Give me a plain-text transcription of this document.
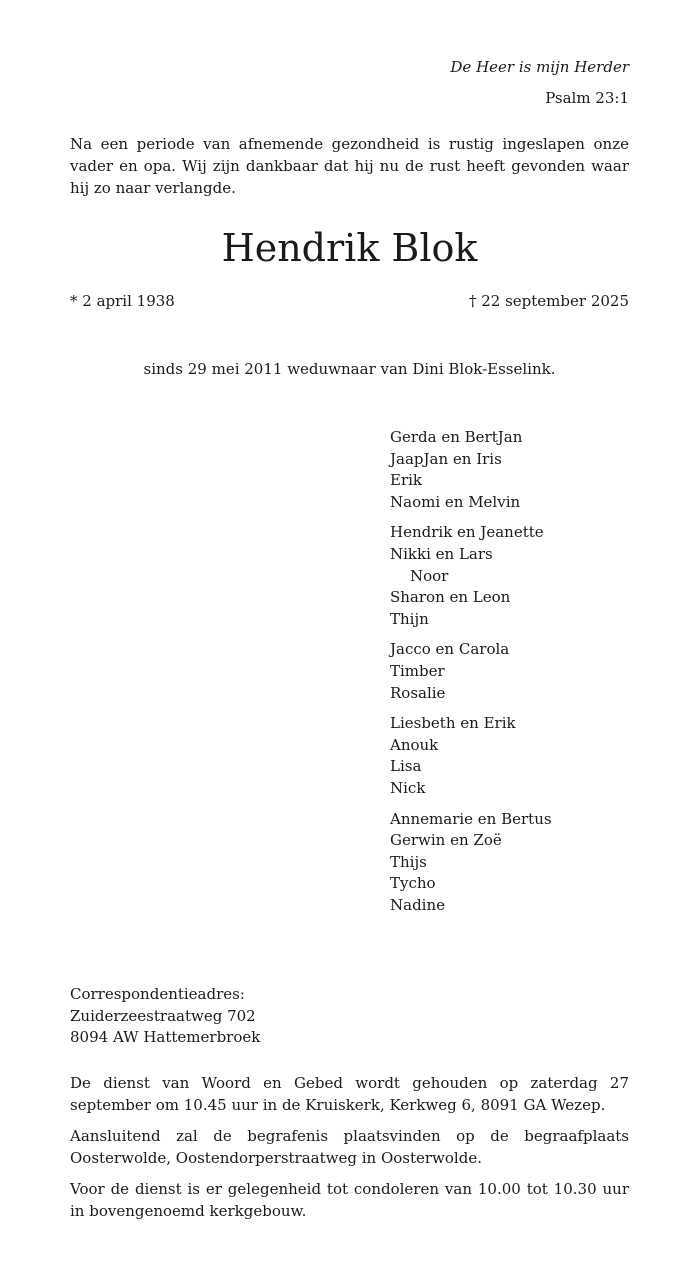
De Heer is mijn Herder
Psalm 23:1
Na een periode van afnemende gezondheid is rustig ingeslapen onze vader en opa. Wij zijn dankbaar dat hij nu de rust heeft gevonden waar hij zo naar verlangde.
Hendrik Blok
* 2 april 1938	† 22 september 2025
sinds 29 mei 2011 weduwnaar van Dini Blok-Esselink.
Gerda en BertJan
JaapJan en Iris
Erik
Naomi en Melvin
Hendrik en Jeanette
Nikki en Lars
Noor
Sharon en Leon
Thijn
Jacco en Carola
Timber
Rosalie
Liesbeth en Erik
Anouk
Lisa
Nick
Annemarie en Bertus
Gerwin en Zoë
Thijs
Tycho
Nadine
Correspondentieadres:
Zuiderzeestraatweg 702
8094 AW Hattemerbroek

De dienst van Woord en Gebed wordt gehouden op zaterdag 27 september om 10.45 uur in de Kruiskerk, Kerkweg 6, 8091 GA Wezep.

Aansluitend zal de begrafenis plaatsvinden op de begraafplaats Oosterwolde, Oostendorperstraatweg in Oosterwolde.

Voor de dienst is er gelegenheid tot condoleren van 10.00 tot 10.30 uur in bovengenoemd kerkgebouw.
